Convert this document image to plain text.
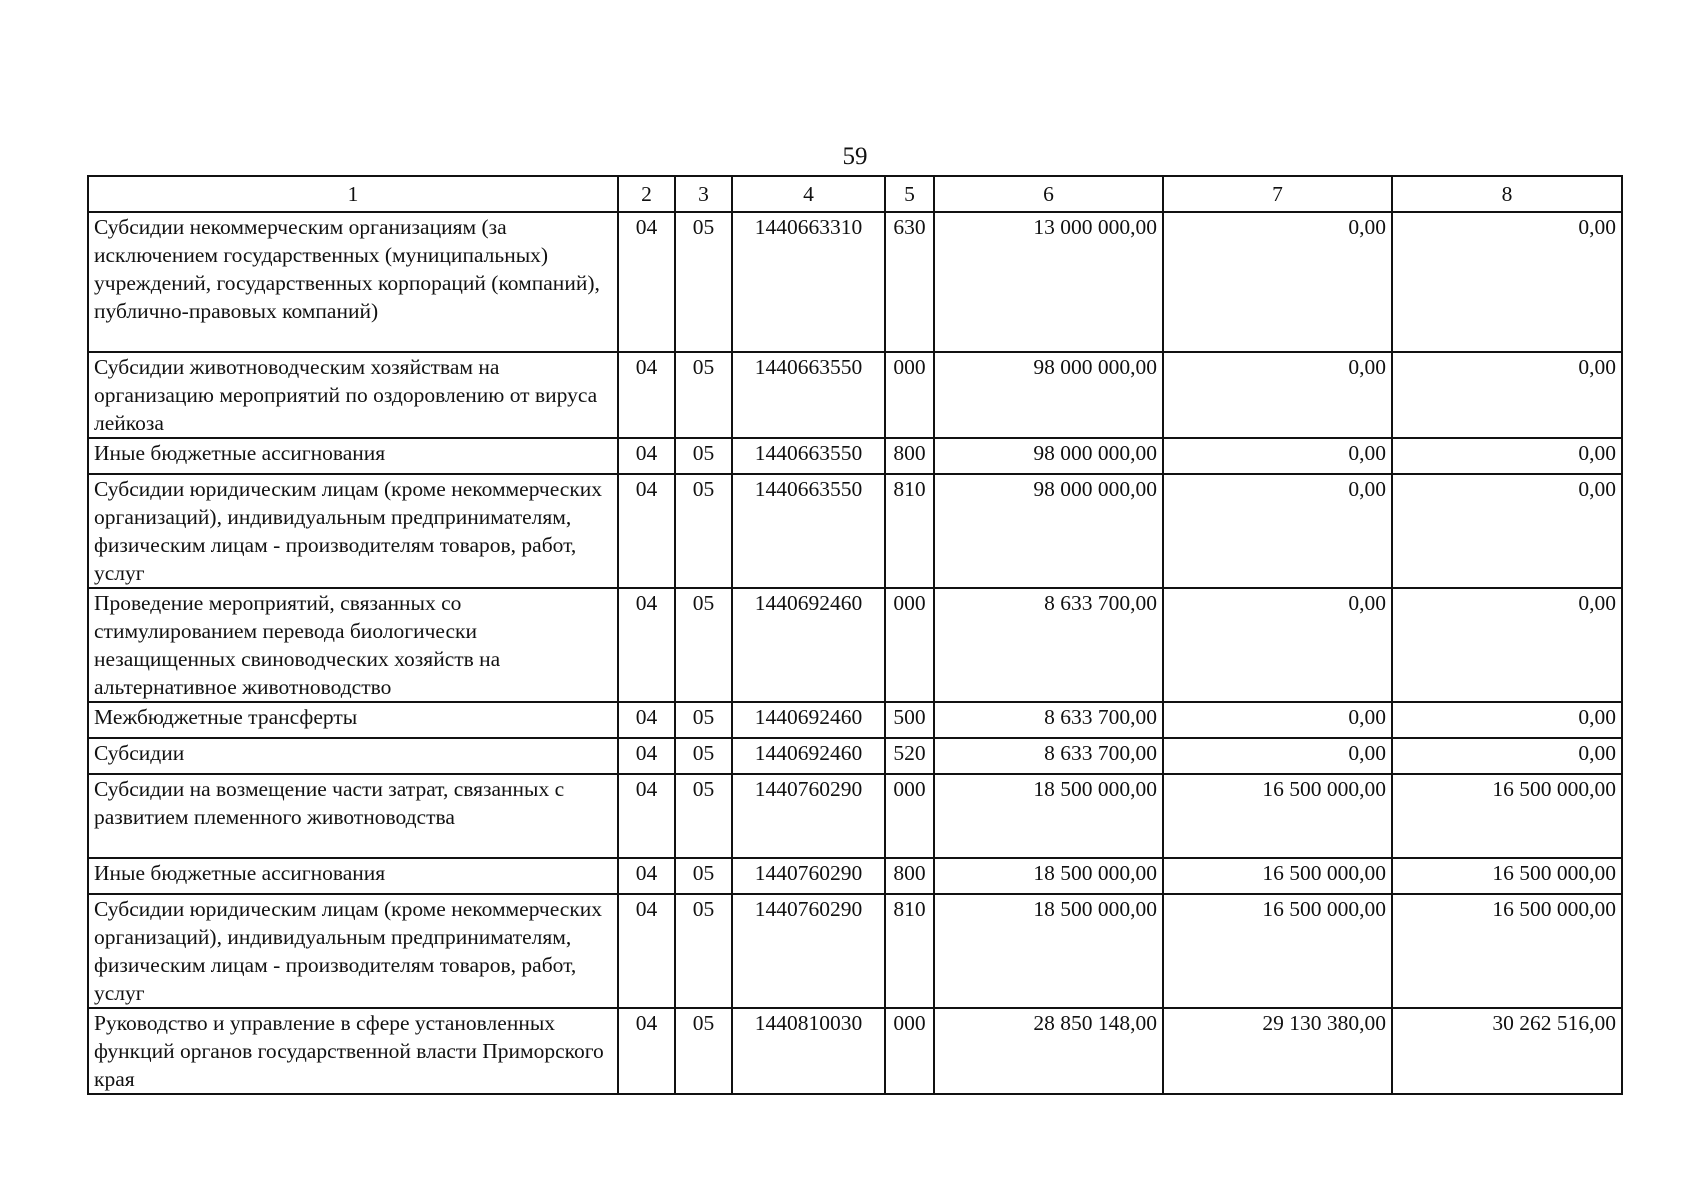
59
1	2	3	4	5	6	7	8
Субсидии некоммерческим организациям (за исключением государственных (муниципальных) учреждений, государственных корпораций (компаний), публично-правовых компаний)	04	05	1440663310	630	13 000 000,00	0,00	0,00
Субсидии животноводческим хозяйствам на организацию мероприятий по оздоровлению от вируса лейкоза	04	05	1440663550	000	98 000 000,00	0,00	0,00
Иные бюджетные ассигнования	04	05	1440663550	800	98 000 000,00	0,00	0,00
Субсидии юридическим лицам (кроме некоммерческих организаций), индивидуальным предпринимателям, физическим лицам - производителям товаров, работ, услуг	04	05	1440663550	810	98 000 000,00	0,00	0,00
Проведение мероприятий, связанных со стимулированием перевода биологически незащищенных свиноводческих хозяйств на альтернативное животноводство	04	05	1440692460	000	8 633 700,00	0,00	0,00
Межбюджетные трансферты	04	05	1440692460	500	8 633 700,00	0,00	0,00
Субсидии	04	05	1440692460	520	8 633 700,00	0,00	0,00
Субсидии на возмещение части затрат, связанных с развитием племенного животноводства	04	05	1440760290	000	18 500 000,00	16 500 000,00	16 500 000,00
Иные бюджетные ассигнования	04	05	1440760290	800	18 500 000,00	16 500 000,00	16 500 000,00
Субсидии юридическим лицам (кроме некоммерческих организаций), индивидуальным предпринимателям, физическим лицам - производителям товаров, работ, услуг	04	05	1440760290	810	18 500 000,00	16 500 000,00	16 500 000,00
Руководство и управление в сфере установленных функций органов государственной власти Приморского края	04	05	1440810030	000	28 850 148,00	29 130 380,00	30 262 516,00
